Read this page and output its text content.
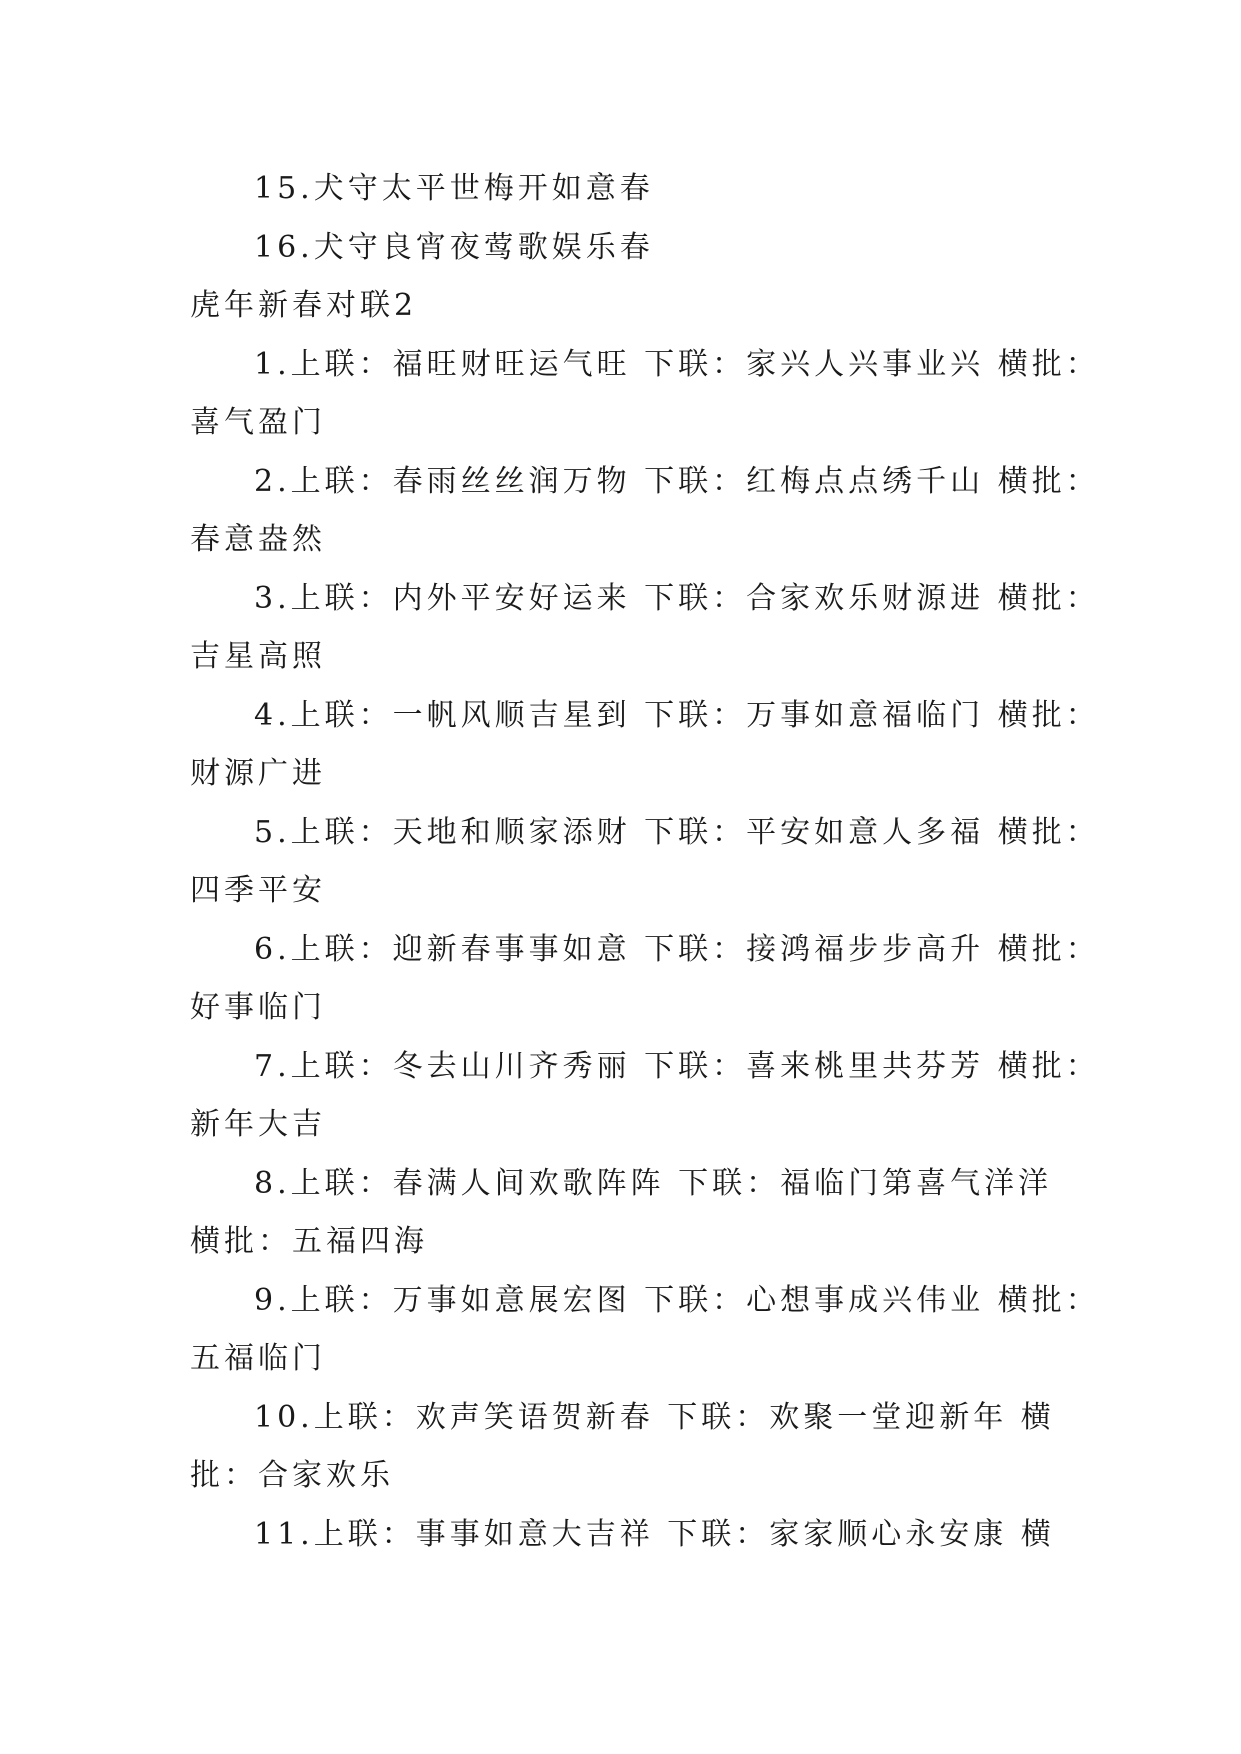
15.犬守太平世梅开如意春

16.犬守良宵夜莺歌娱乐春

虎年新春对联2

1.上联：福旺财旺运气旺 下联：家兴人兴事业兴 横批：

喜气盈门

2.上联：春雨丝丝润万物 下联：红梅点点绣千山 横批：

春意盎然

3.上联：内外平安好运来 下联：合家欢乐财源进 横批：

吉星高照

4.上联：一帆风顺吉星到 下联：万事如意福临门 横批：

财源广进

5.上联：天地和顺家添财 下联：平安如意人多福 横批：

四季平安

6.上联：迎新春事事如意 下联：接鸿福步步高升 横批：

好事临门

7.上联：冬去山川齐秀丽 下联：喜来桃里共芬芳 横批：

新年大吉

8.上联：春满人间欢歌阵阵 下联：福临门第喜气洋洋

横批：五福四海

9.上联：万事如意展宏图 下联：心想事成兴伟业 横批：

五福临门

10.上联：欢声笑语贺新春 下联：欢聚一堂迎新年 横

批：合家欢乐

11.上联：事事如意大吉祥 下联：家家顺心永安康 横
